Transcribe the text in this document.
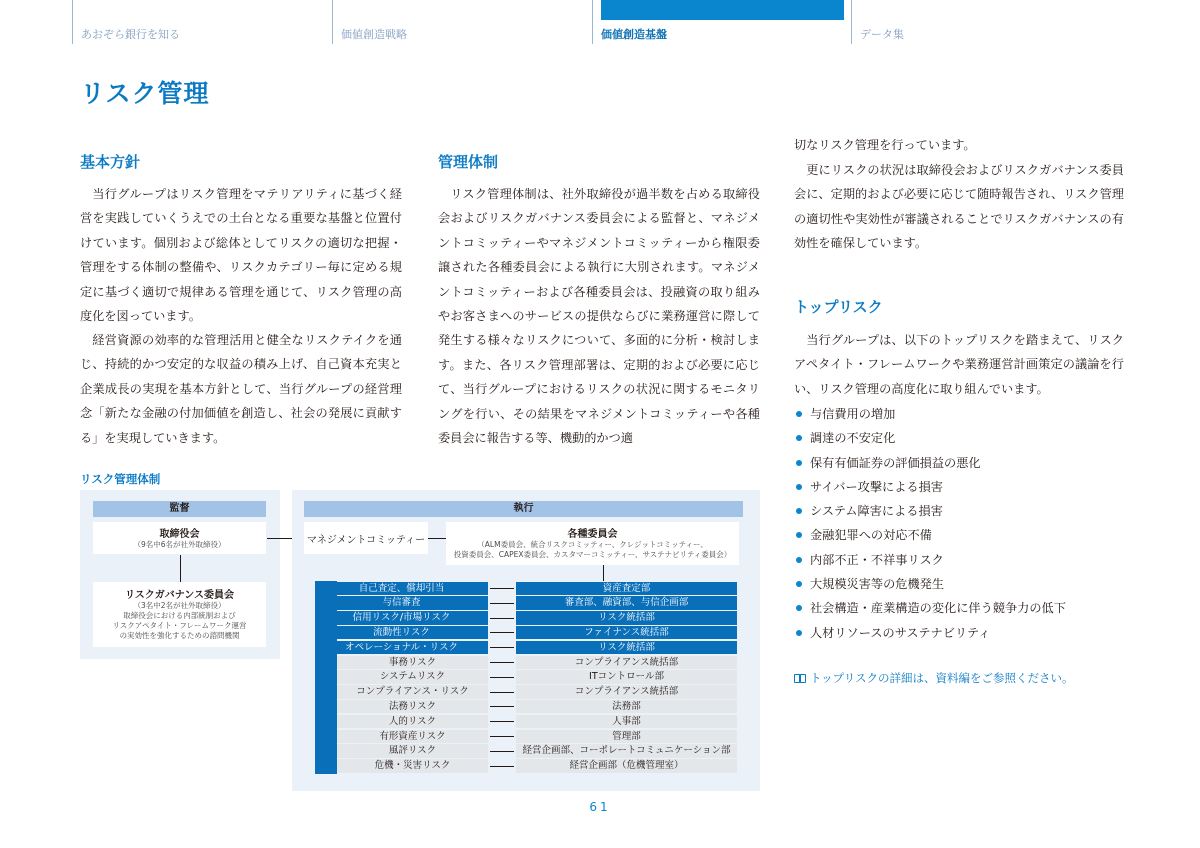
あおぞら銀行を知る	価値創造戦略	価値創造基盤	データ集
リスク管理
基本方針

当行グループはリスク管理をマテリアリティに基づく経営を実践していくうえでの土台となる重要な基盤と位置付けています。個別および総体としてリスクの適切な把握・管理をする体制の整備や、リスクカテゴリー毎に定める規定に基づく適切で規律ある管理を通じて、リスク管理の高度化を図っています。

経営資源の効率的な管理活用と健全なリスクテイクを通じ、持続的かつ安定的な収益の積み上げ、自己資本充実と企業成長の実現を基本方針として、当行グループの経営理念「新たな金融の付加価値を創造し、社会の発展に貢献する」を実現していきます。

管理体制

リスク管理体制は、社外取締役が過半数を占める取締役会およびリスクガバナンス委員会による監督と、マネジメントコミッティーやマネジメントコミッティーから権限委譲された各種委員会による執行に大別されます。マネジメントコミッティーおよび各種委員会は、投融資の取り組みやお客さまへのサービスの提供ならびに業務運営に際して発生する様々なリスクについて、多面的に分析・検討します。また、各リスク管理部署は、定期的および必要に応じて、当行グループにおけるリスクの状況に関するモニタリングを行い、その結果をマネジメントコミッティーや各種委員会に報告する等、機動的かつ適

切なリスク管理を行っています。

更にリスクの状況は取締役会およびリスクガバナンス委員会に、定期的および必要に応じて随時報告され、リスク管理の適切性や実効性が審議されることでリスクガバナンスの有効性を確保しています。

トップリスク

当行グループは、以下のトップリスクを踏まえて、リスクアペタイト・フレームワークや業務運営計画策定の議論を行い、リスク管理の高度化に取り組んでいます。

与信費用の増加
調達の不安定化
保有有価証券の評価損益の悪化
サイバー攻撃による損害
システム障害による損害
金融犯罪への対応不備
内部不正・不祥事リスク
大規模災害等の危機発生
社会構造・産業構造の変化に伴う競争力の低下
人材リソースのサステナビリティ
トップリスクの詳細は、資料編をご参照ください。
リスク管理体制
監督
取締役会
（9名中6名が社外取締役）
リスクガバナンス委員会
（3名中2名が社外取締役）
取締役会における内部統制および
リスクアペタイト・フレームワーク運営
の実効性を強化するための諮問機関
執行
マネジメントコミッティー
各種委員会
（ALM委員会、統合リスクコミッティー、クレジットコミッティー、
投資委員会、CAPEX委員会、カスタマーコミッティー、サステナビリティ委員会）
自己査定、償却引当	資産査定部
与信審査	審査部、融資部、与信企画部
信用リスク/市場リスク	リスク統括部
流動性リスク	ファイナンス統括部
オペレーショナル・リスク	リスク統括部
事務リスク	コンプライアンス統括部
システムリスク	ITコントロール部
コンプライアンス・リスク	コンプライアンス統括部
法務リスク	法務部
人的リスク	人事部
有形資産リスク	管理部
風評リスク	経営企画部、コーポレートコミュニケーション部
危機・災害リスク	経営企画部（危機管理室）
61
